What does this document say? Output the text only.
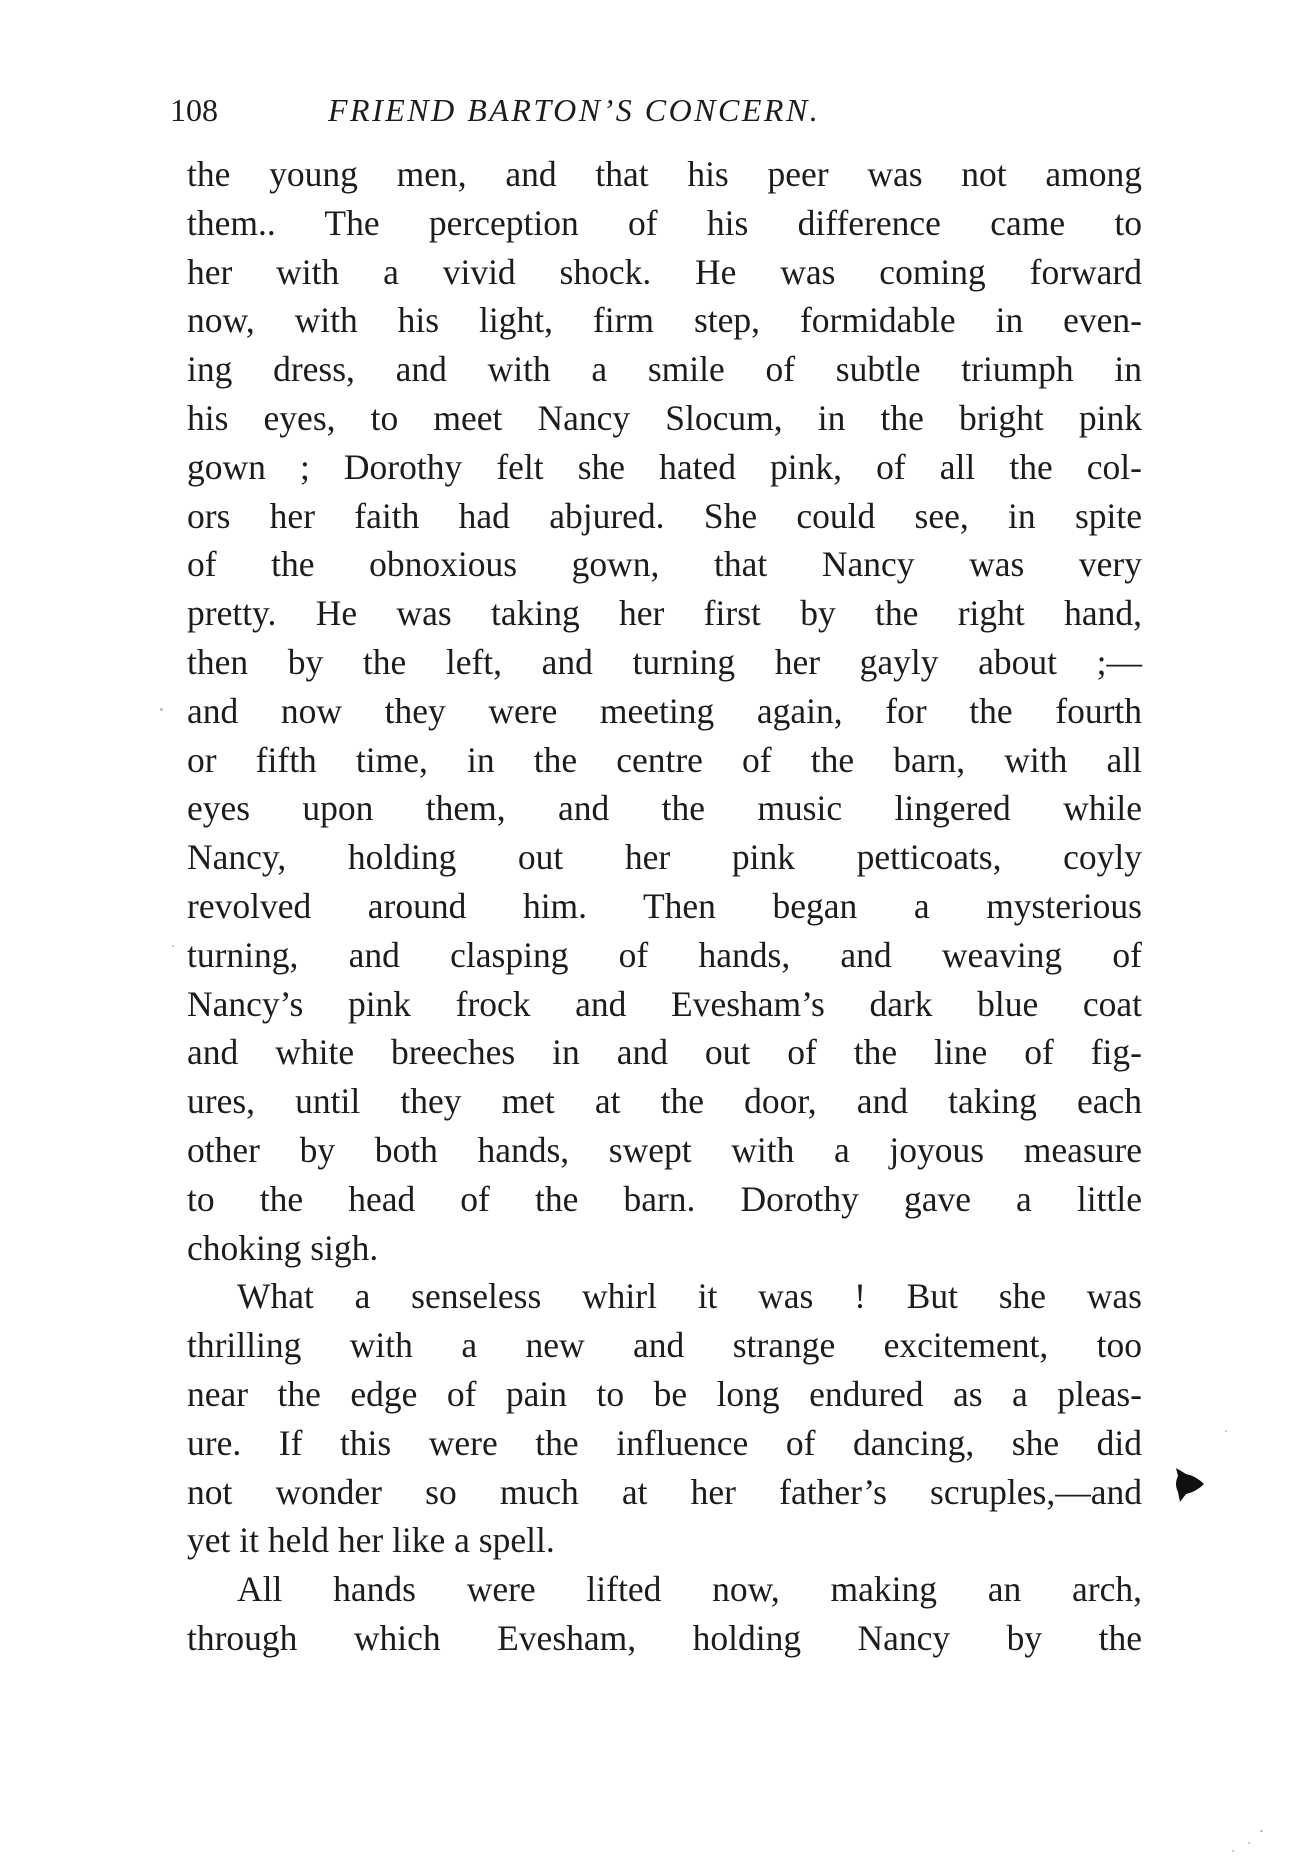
108	FRIEND BARTON’S CONCERN.
the young men, and that his peer was not among
them.. The perception of his difference came to
her with a vivid shock. He was coming forward
now, with his light, firm step, formidable in even-
ing dress, and with a smile of subtle triumph in
his eyes, to meet Nancy Slocum, in the bright pink
gown ; Dorothy felt she hated pink, of all the col-
ors her faith had abjured. She could see, in spite
of the obnoxious gown, that Nancy was very
pretty. He was taking her first by the right hand,
then by the left, and turning her gayly about ;—
and now they were meeting again, for the fourth
or fifth time, in the centre of the barn, with all
eyes upon them, and the music lingered while
Nancy, holding out her pink petticoats, coyly
revolved around him. Then began a mysterious
turning, and clasping of hands, and weaving of
Nancy’s pink frock and Evesham’s dark blue coat
and white breeches in and out of the line of fig-
ures, until they met at the door, and taking each
other by both hands, swept with a joyous measure
to the head of the barn. Dorothy gave a little
choking sigh.
What a senseless whirl it was ! But she was
thrilling with a new and strange excitement, too
near the edge of pain to be long endured as a pleas-
ure. If this were the influence of dancing, she did
not wonder so much at her father’s scruples,—and
yet it held her like a spell.
All hands were lifted now, making an arch,
through which Evesham, holding Nancy by the
